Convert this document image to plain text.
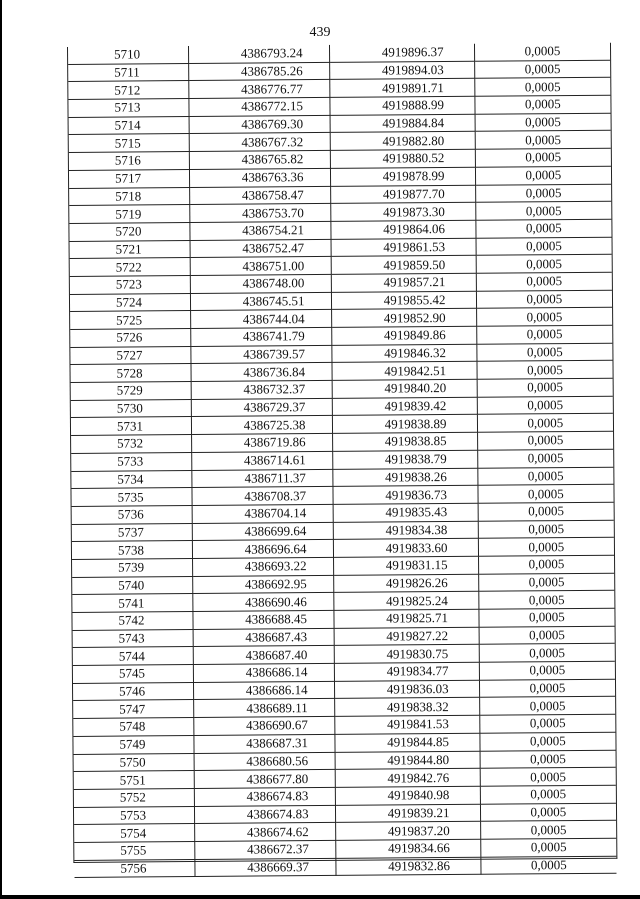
439
5710	4386793.24	4919896.37	0,0005
5711	4386785.26	4919894.03	0,0005
5712	4386776.77	4919891.71	0,0005
5713	4386772.15	4919888.99	0,0005
5714	4386769.30	4919884.84	0,0005
5715	4386767.32	4919882.80	0,0005
5716	4386765.82	4919880.52	0,0005
5717	4386763.36	4919878.99	0,0005
5718	4386758.47	4919877.70	0,0005
5719	4386753.70	4919873.30	0,0005
5720	4386754.21	4919864.06	0,0005
5721	4386752.47	4919861.53	0,0005
5722	4386751.00	4919859.50	0,0005
5723	4386748.00	4919857.21	0,0005
5724	4386745.51	4919855.42	0,0005
5725	4386744.04	4919852.90	0,0005
5726	4386741.79	4919849.86	0,0005
5727	4386739.57	4919846.32	0,0005
5728	4386736.84	4919842.51	0,0005
5729	4386732.37	4919840.20	0,0005
5730	4386729.37	4919839.42	0,0005
5731	4386725.38	4919838.89	0,0005
5732	4386719.86	4919838.85	0,0005
5733	4386714.61	4919838.79	0,0005
5734	4386711.37	4919838.26	0,0005
5735	4386708.37	4919836.73	0,0005
5736	4386704.14	4919835.43	0,0005
5737	4386699.64	4919834.38	0,0005
5738	4386696.64	4919833.60	0,0005
5739	4386693.22	4919831.15	0,0005
5740	4386692.95	4919826.26	0,0005
5741	4386690.46	4919825.24	0,0005
5742	4386688.45	4919825.71	0,0005
5743	4386687.43	4919827.22	0,0005
5744	4386687.40	4919830.75	0,0005
5745	4386686.14	4919834.77	0,0005
5746	4386686.14	4919836.03	0,0005
5747	4386689.11	4919838.32	0,0005
5748	4386690.67	4919841.53	0,0005
5749	4386687.31	4919844.85	0,0005
5750	4386680.56	4919844.80	0,0005
5751	4386677.80	4919842.76	0,0005
5752	4386674.83	4919840.98	0,0005
5753	4386674.83	4919839.21	0,0005
5754	4386674.62	4919837.20	0,0005
5755	4386672.37	4919834.66	0,0005
5756	4386669.37	4919832.86	0,0005
